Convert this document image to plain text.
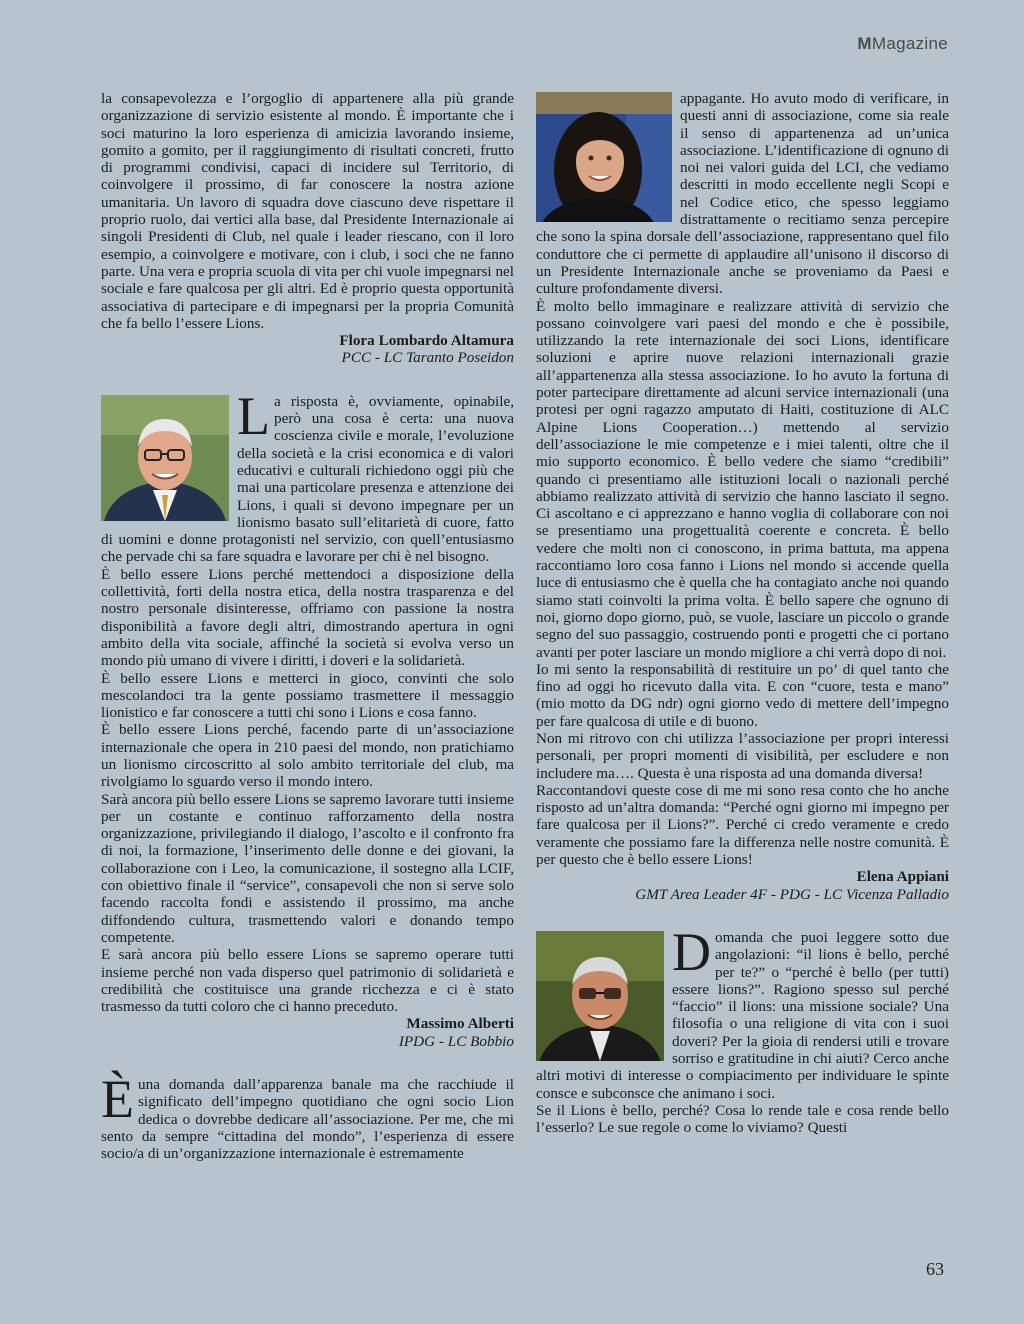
MMagazine

la consapevolezza e l’orgoglio di appartenere alla più grande organizzazione di servizio esistente al mondo. È importante che i soci maturino la loro esperienza di amicizia lavorando insieme, gomito a gomito, per il raggiungimento di risultati concreti, frutto di programmi condivisi, capaci di incidere sul Territorio, di coinvolgere il prossimo, di far conoscere la nostra azione umanitaria. Un lavoro di squadra dove ciascuno deve rispettare il proprio ruolo, dai vertici alla base, dal Presidente Internazionale ai singoli Presidenti di Club, nel quale i leader riescano, con il loro esempio, a coinvolgere e motivare, con i club, i soci che ne fanno parte. Una vera e propria scuola di vita per chi vuole impegnarsi nel sociale e fare qualcosa per gli altri. Ed è proprio questa opportunità associativa di partecipare e di impegnarsi per la propria Comunità che fa bello l’essere Lions.

Flora Lombardo Altamura

PCC - LC Taranto Poseidon

L a risposta è, ovviamente, opinabile, però una cosa è certa: una nuova coscienza civile e morale, l’evoluzione della società e la crisi economica e di valori educativi e culturali richiedono oggi più che mai una particolare presenza e attenzione dei Lions, i quali si devono impegnare per un lionismo basato sull’elitarietà di cuore, fatto di uomini e donne protagonisti nel servizio, con quell’entusiasmo che pervade chi sa fare squadra e lavorare per chi è nel bisogno.

È bello essere Lions perché mettendoci a disposizione della collettività, forti della nostra etica, della nostra trasparenza e del nostro personale disinteresse, offriamo con passione la nostra disponibilità a favore degli altri, dimostrando apertura in ogni ambito della vita sociale, affinché la società si evolva verso un mondo più umano di vivere i diritti, i doveri e la solidarietà.

È bello essere Lions e metterci in gioco, convinti che solo mescolandoci tra la gente possiamo trasmettere il messaggio lionistico e far conoscere a tutti chi sono i Lions e cosa fanno.

È bello essere Lions perché, facendo parte di un’associazione internazionale che opera in 210 paesi del mondo, non pratichiamo un lionismo circoscritto al solo ambito territoriale del club, ma rivolgiamo lo sguardo verso il mondo intero.

Sarà ancora più bello essere Lions se sapremo lavorare tutti insieme per un costante e continuo rafforzamento della nostra organizzazione, privilegiando il dialogo, l’ascolto e il confronto fra di noi, la formazione, l’inserimento delle donne e dei giovani, la collaborazione con i Leo, la comunicazione, il sostegno alla LCIF, con obiettivo finale il “service”, consapevoli che non si serve solo facendo raccolta fondi e assistendo il prossimo, ma anche diffondendo cultura, trasmettendo valori e donando tempo competente.

E sarà ancora più bello essere Lions se sapremo operare tutti insieme perché non vada disperso quel patrimonio di solidarietà e credibilità che costituisce una grande ricchezza e ci è stato trasmesso da tutti coloro che ci hanno preceduto.

Massimo Alberti

IPDG - LC Bobbio

È una domanda dall’apparenza banale ma che racchiude il significato dell’impegno quotidiano che ogni socio Lion dedica o dovrebbe dedicare all’associazione. Per me, che mi sento da sempre “cittadina del mondo”, l’esperienza di essere socio/a di un’organizzazione internazionale è estremamente

appagante. Ho avuto modo di verificare, in questi anni di associazione, come sia reale il senso di appartenenza ad un’unica associazione. L’identificazione di ognuno di noi nei valori guida del LCI, che vediamo descritti in modo eccellente negli Scopi e nel Codice etico, che spesso leggiamo distrattamente o recitiamo senza percepire che sono la spina dorsale dell’associazione, rappresentano quel filo conduttore che ci permette di applaudire all’unisono il discorso di un Presidente Internazionale anche se proveniamo da Paesi e culture profondamente diversi.

È molto bello immaginare e realizzare attività di servizio che possano coinvolgere vari paesi del mondo e che è possibile, utilizzando la rete internazionale dei soci Lions, identificare soluzioni e aprire nuove relazioni internazionali grazie all’appartenenza alla stessa associazione. Io ho avuto la fortuna di poter partecipare direttamente ad alcuni service internazionali (una protesi per ogni ragazzo amputato di Haiti, costituzione di ALC Alpine Lions Cooperation…) mettendo al servizio dell’associazione le mie competenze e i miei talenti, oltre che il mio supporto economico. È bello vedere che siamo “credibili” quando ci presentiamo alle istituzioni locali o nazionali perché abbiamo realizzato attività di servizio che hanno lasciato il segno. Ci ascoltano e ci apprezzano e hanno voglia di collaborare con noi se presentiamo una progettualità coerente e concreta. È bello vedere che molti non ci conoscono, in prima battuta, ma appena raccontiamo loro cosa fanno i Lions nel mondo si accende quella luce di entusiasmo che è quella che ha contagiato anche noi quando siamo stati coinvolti la prima volta. È bello sapere che ognuno di noi, giorno dopo giorno, può, se vuole, lasciare un piccolo o grande segno del suo passaggio, costruendo ponti e progetti che ci portano avanti per poter lasciare un mondo migliore a chi verrà dopo di noi.

Io mi sento la responsabilità di restituire un po’ di quel tanto che fino ad oggi ho ricevuto dalla vita. E con “cuore, testa e mano” (mio motto da DG ndr) ogni giorno vedo di mettere dell’impegno per fare qualcosa di utile e di buono.

Non mi ritrovo con chi utilizza l’associazione per propri interessi personali, per propri momenti di visibilità, per escludere e non includere ma…. Questa è una risposta ad una domanda diversa!

Raccontandovi queste cose di me mi sono resa conto che ho anche risposto ad un’altra domanda: “Perché ogni giorno mi impegno per fare qualcosa per il Lions?”. Perché ci credo veramente e credo veramente che possiamo fare la differenza nelle nostre comunità. È per questo che è bello essere Lions!

Elena Appiani

GMT Area Leader 4F - PDG - LC Vicenza Palladio

D omanda che puoi leggere sotto due angolazioni: “il lions è bello, perché per te?” o “perché è bello (per tutti) essere lions?”. Ragiono spesso sul perché “faccio” il lions: una missione sociale? Una filosofia o una religione di vita con i suoi doveri? Per la gioia di rendersi utili e trovare sorriso e gratitudine in chi aiuti? Cerco anche altri motivi di interesse o compiacimento per individuare le spinte consce e subconsce che animano i soci.

Se il Lions è bello, perché? Cosa lo rende tale e cosa rende bello l’esserlo? Le sue regole o come lo viviamo? Questi

63
